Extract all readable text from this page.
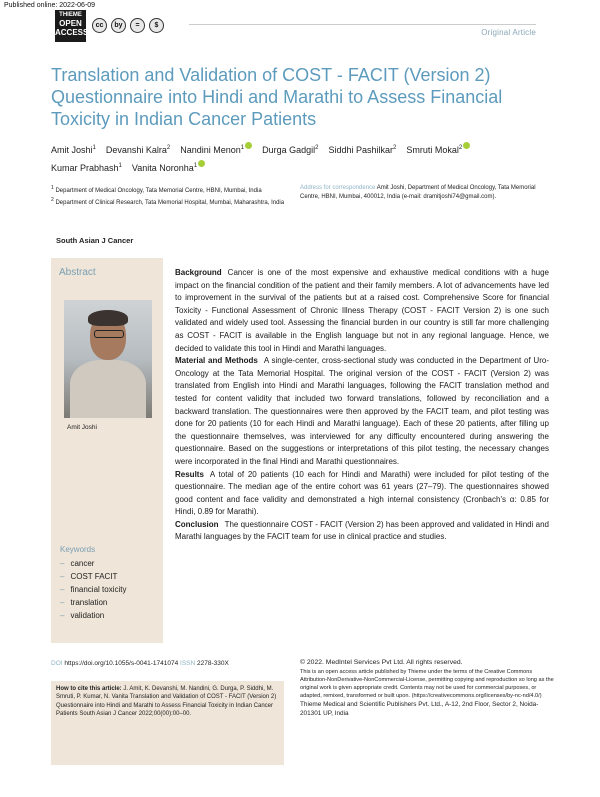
Published online: 2022-06-09
THIEME
OPEN
ACCESS
cc	by	=	$
Original Article
Translation and Validation of COST - FACIT (Version 2) Questionnaire into Hindi and Marathi to Assess Financial Toxicity in Indian Cancer Patients
Amit Joshi$^1$ Devanshi Kalra$^2$ Nandini Menon$^1$ Durga Gadgil$^2$ Siddhi Pashilkar$^2$ Smruti Mokal$^2$Kumar Prabhash$^1$ Vanita Noronha$^1$
$^1$ Department of Medical Oncology, Tata Memorial Centre, HBNI, Mumbai, India
$^2$ Department of Clinical Research, Tata Memorial Hospital, Mumbai, Maharashtra, India
Address for correspondence Amit Joshi, Department of Medical Oncology, Tata Memorial Centre, HBNI, Mumbai, 400012, India (e-mail: dramitjoshi74@gmail.com).
South Asian J Cancer
Abstract
Amit Joshi
Keywords
– cancer
– COST FACIT
– financial toxicity
– translation
– validation

Background Cancer is one of the most expensive and exhaustive medical conditions with a huge impact on the financial condition of the patient and their family members. A lot of advancements have led to improvement in the survival of the patients but at a raised cost. Comprehensive Score for financial Toxicity - Functional Assessment of Chronic Illness Therapy (COST - FACIT Version 2) is one such validated and widely used tool. Assessing the financial burden in our country is still far more challenging as COST - FACIT is available in the English language but not in any regional language. Hence, we decided to validate this tool in Hindi and Marathi languages.

Material and Methods A single-center, cross-sectional study was conducted in the Department of Uro-Oncology at the Tata Memorial Hospital. The original version of the COST - FACIT (Version 2) was translated from English into Hindi and Marathi languages, following the FACIT translation method and tested for content validity that included two forward translations, followed by reconciliation and a backward translation. The questionnaires were then approved by the FACIT team, and pilot testing was done for 20 patients (10 for each Hindi and Marathi language). Each of these 20 patients, after filling up the questionnaire themselves, was interviewed for any difficulty encountered during answering the questionnaire. Based on the suggestions or interpretations of this pilot testing, the necessary changes were incorporated in the final Hindi and Marathi questionnaires.

Results A total of 20 patients (10 each for Hindi and Marathi) were included for pilot testing of the questionnaire. The median age of the entire cohort was 61 years (27–79). The questionnaires showed good content and face validity and demonstrated a high internal consistency (Cronbach's α: 0.85 for Hindi, 0.89 for Marathi).

Conclusion The questionnaire COST - FACIT (Version 2) has been approved and validated in Hindi and Marathi languages by the FACIT team for use in clinical practice and studies.

DOI https://doi.org/10.1055/s-0041-1741074 ISSN 2278-330X
How to cite this article: J. Amit, K. Devanshi, M. Nandini, G. Durga, P. Siddhi, M. Smruti, P. Kumar, N. Vanita Translation and Validation of COST - FACIT (Version 2) Questionnaire into Hindi and Marathi to Assess Financial Toxicity in Indian Cancer Patients South Asian J Cancer 2022;00(00):00–00.
© 2022. MedIntel Services Pvt Ltd. All rights reserved.
This is an open access article published by Thieme under the terms of the Creative Commons Attribution-NonDerivative-NonCommercial-License, permitting copying and reproduction so long as the original work is given appropriate credit. Contents may not be used for commercial purposes, or adapted, remixed, transformed or built upon. (https://creativecommons.org/licenses/by-nc-nd/4.0/)
Thieme Medical and Scientific Publishers Pvt. Ltd., A-12, 2nd Floor, Sector 2, Noida-201301 UP, India
